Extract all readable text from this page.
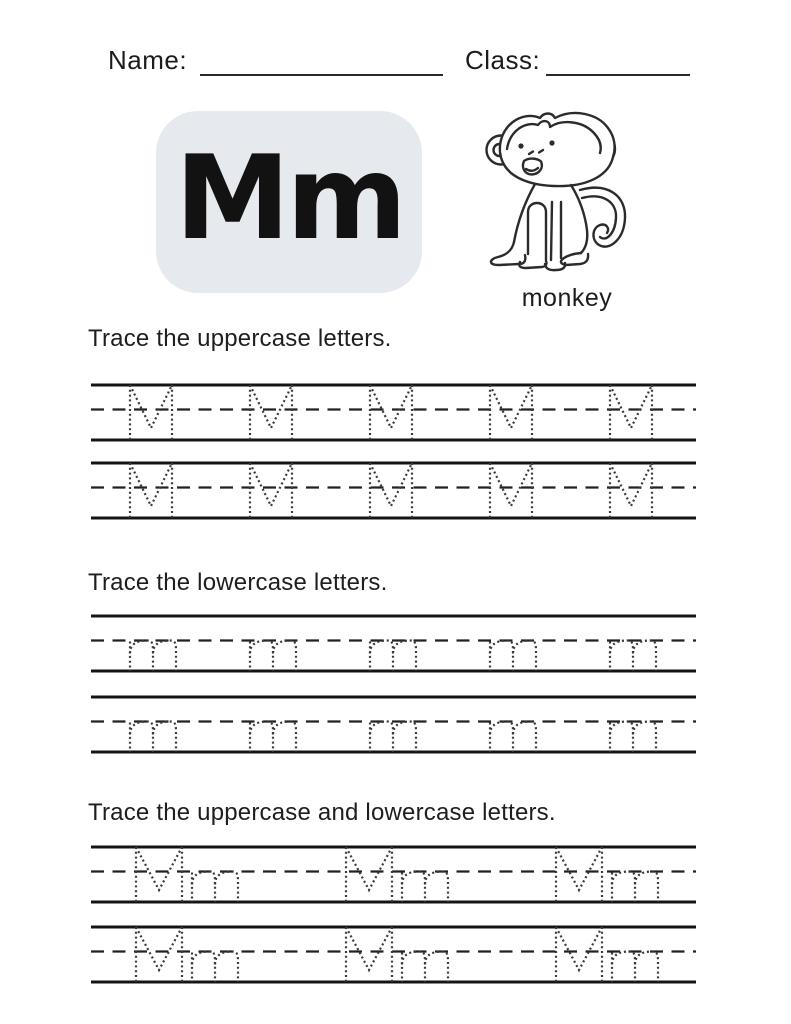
Name:	Class:
Mm
monkey
Trace the uppercase letters.
Trace the lowercase letters.
Trace the uppercase and lowercase letters.
